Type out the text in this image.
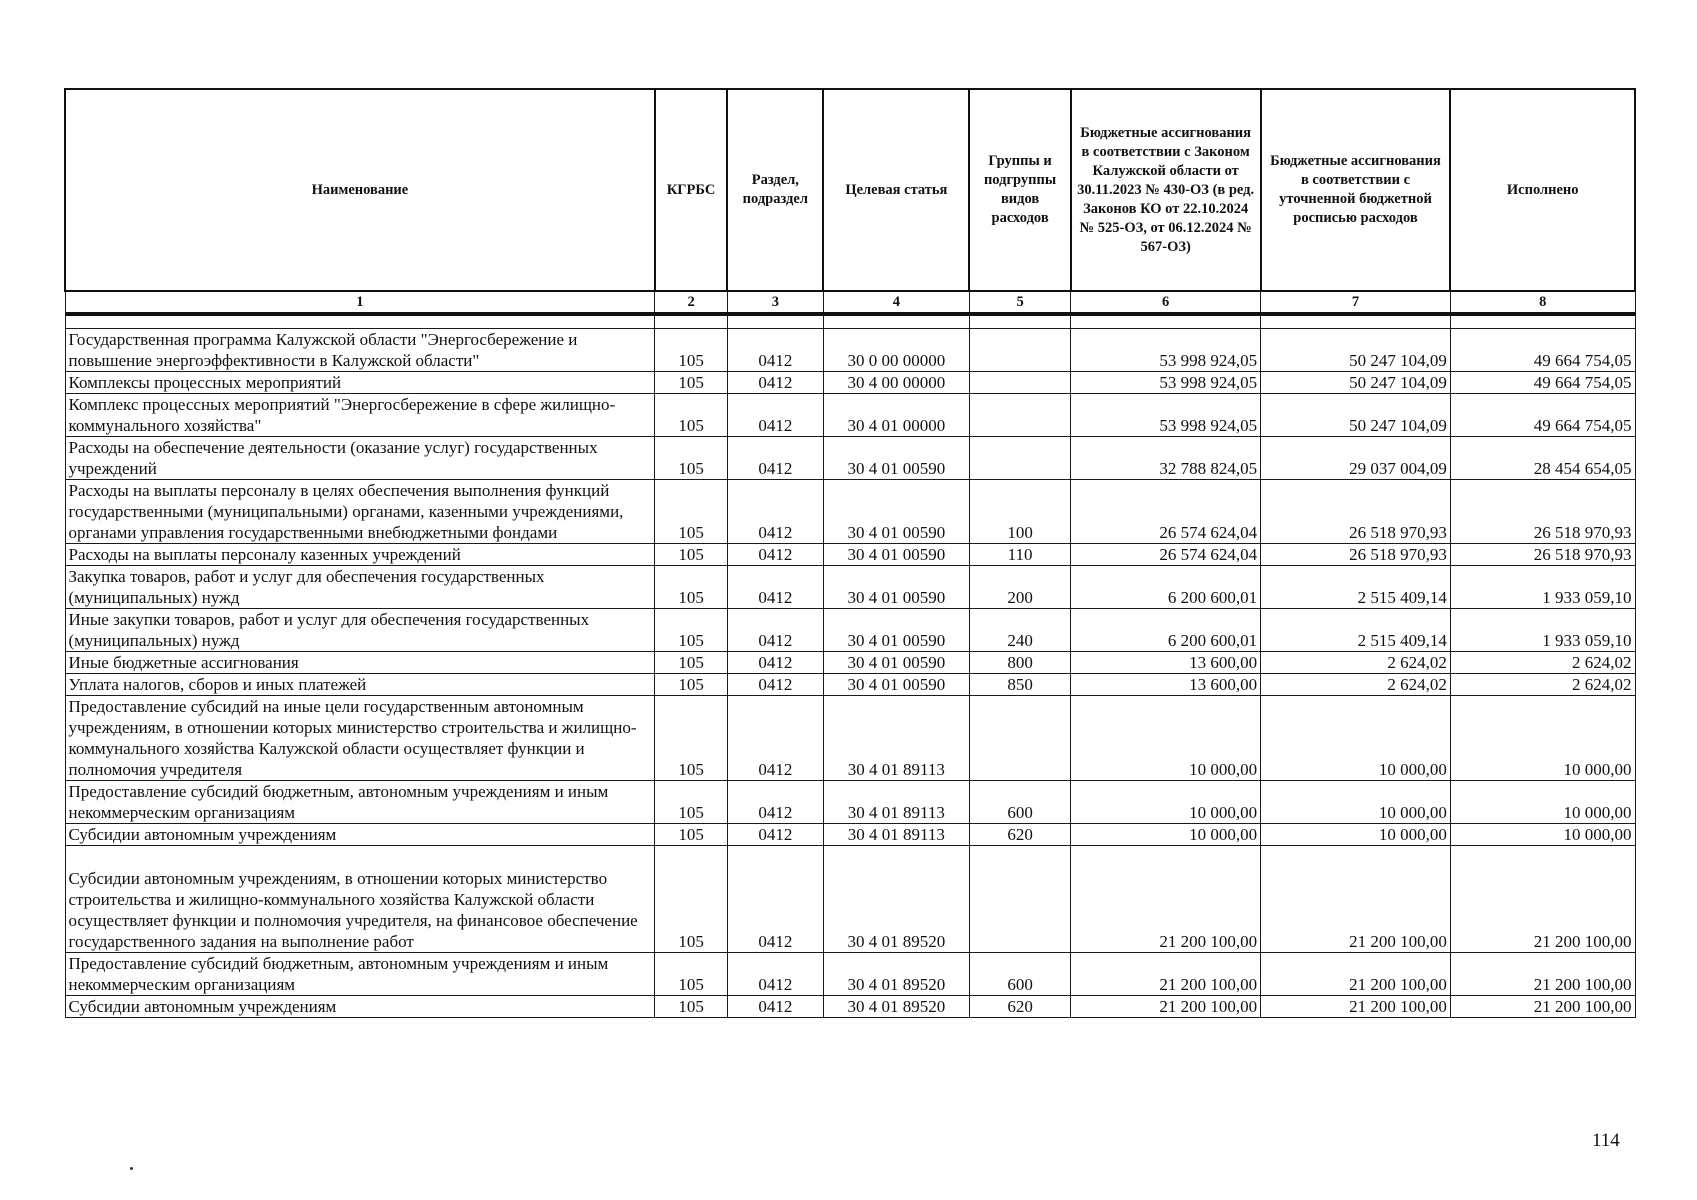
Наименование	КГРБС	Раздел, подраздел	Целевая статья	Группы и подгруппы видов расходов	Бюджетные ассигнования в соответствии с Законом Калужской области от 30.11.2023 № 430-ОЗ (в ред. Законов КО от 22.10.2024 № 525-ОЗ, от 06.12.2024 № 567-ОЗ)	Бюджетные ассигнования в соответствии с уточненной бюджетной росписью расходов	Исполнено
1	2	3	4	5	6	7	8

Государственная программа Калужской области "Энергосбережение и повышение энергоэффективности в Калужской области"	105	0412	30 0 00 00000		53 998 924,05	50 247 104,09	49 664 754,05
Комплексы процессных мероприятий	105	0412	30 4 00 00000		53 998 924,05	50 247 104,09	49 664 754,05
Комплекс процессных мероприятий "Энергосбережение в сфере жилищно-коммунального хозяйства"	105	0412	30 4 01 00000		53 998 924,05	50 247 104,09	49 664 754,05
Расходы на обеспечение деятельности (оказание услуг) государственных учреждений	105	0412	30 4 01 00590		32 788 824,05	29 037 004,09	28 454 654,05
Расходы на выплаты персоналу в целях обеспечения выполнения функций государственными (муниципальными) органами, казенными учреждениями, органами управления государственными внебюджетными фондами	105	0412	30 4 01 00590	100	26 574 624,04	26 518 970,93	26 518 970,93
Расходы на выплаты персоналу казенных учреждений	105	0412	30 4 01 00590	110	26 574 624,04	26 518 970,93	26 518 970,93
Закупка товаров, работ и услуг для обеспечения государственных (муниципальных) нужд	105	0412	30 4 01 00590	200	6 200 600,01	2 515 409,14	1 933 059,10
Иные закупки товаров, работ и услуг для обеспечения государственных (муниципальных) нужд	105	0412	30 4 01 00590	240	6 200 600,01	2 515 409,14	1 933 059,10
Иные бюджетные ассигнования	105	0412	30 4 01 00590	800	13 600,00	2 624,02	2 624,02
Уплата налогов, сборов и иных платежей	105	0412	30 4 01 00590	850	13 600,00	2 624,02	2 624,02
Предоставление субсидий на иные цели государственным автономным учреждениям, в отношении которых министерство строительства и жилищно-коммунального хозяйства Калужской области осуществляет функции и полномочия учредителя	105	0412	30 4 01 89113		10 000,00	10 000,00	10 000,00
Предоставление субсидий бюджетным, автономным учреждениям и иным некоммерческим организациям	105	0412	30 4 01 89113	600	10 000,00	10 000,00	10 000,00
Субсидии автономным учреждениям	105	0412	30 4 01 89113	620	10 000,00	10 000,00	10 000,00
Субсидии автономным учреждениям, в отношении которых министерство строительства и жилищно-коммунального хозяйства Калужской области осуществляет функции и полномочия учредителя, на финансовое обеспечение государственного задания на выполнение работ	105	0412	30 4 01 89520		21 200 100,00	21 200 100,00	21 200 100,00
Предоставление субсидий бюджетным, автономным учреждениям и иным некоммерческим организациям	105	0412	30 4 01 89520	600	21 200 100,00	21 200 100,00	21 200 100,00
Субсидии автономным учреждениям	105	0412	30 4 01 89520	620	21 200 100,00	21 200 100,00	21 200 100,00
114
